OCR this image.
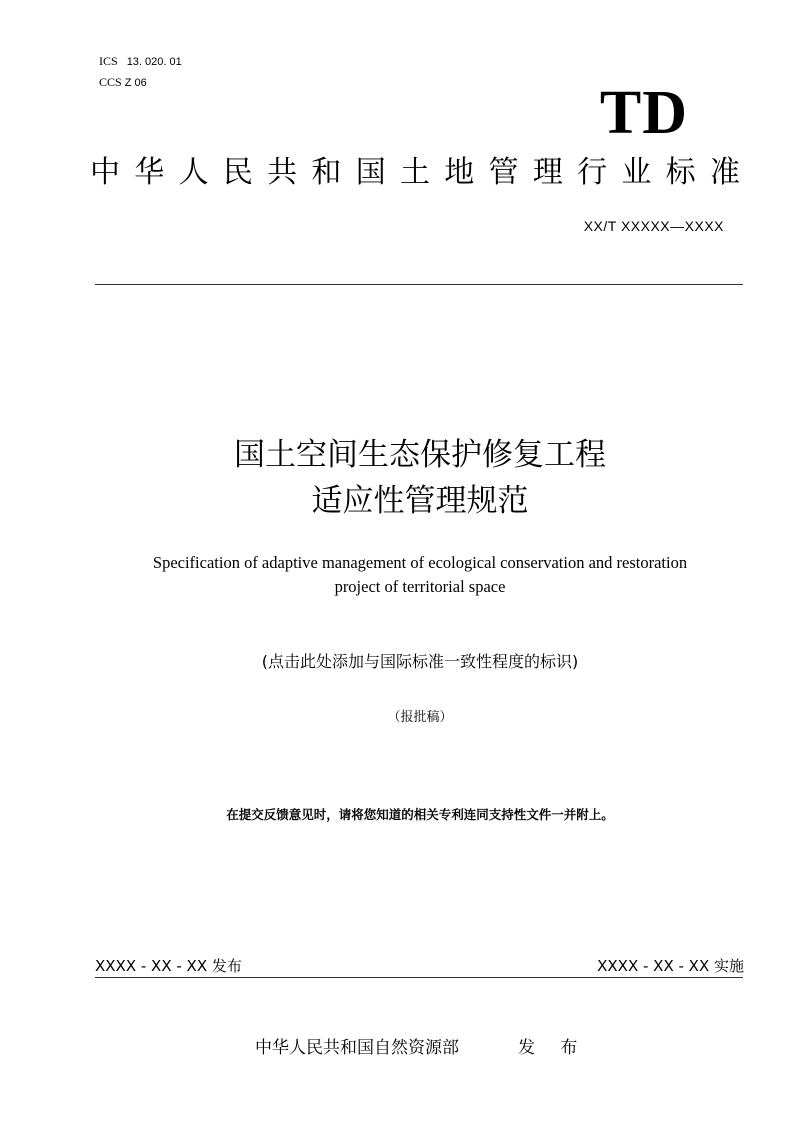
ICS 13. 020. 01

CCS Z 06	TD
中 华 人 民 共 和 国 土 地 管 理 行 业 标 准
XX/T XXXXX—XXXX
国土空间生态保护修复工程
适应性管理规范
Specification of adaptive management of ecological conservation and restoration
project of territorial space
(点击此处添加与国际标准一致性程度的标识)
（报批稿）
在提交反馈意见时，请将您知道的相关专利连同支持性文件一并附上。
XXXX - XX - XX 发布	XXXX - XX - XX 实施
中华人民共和国自然资源部	发 布
